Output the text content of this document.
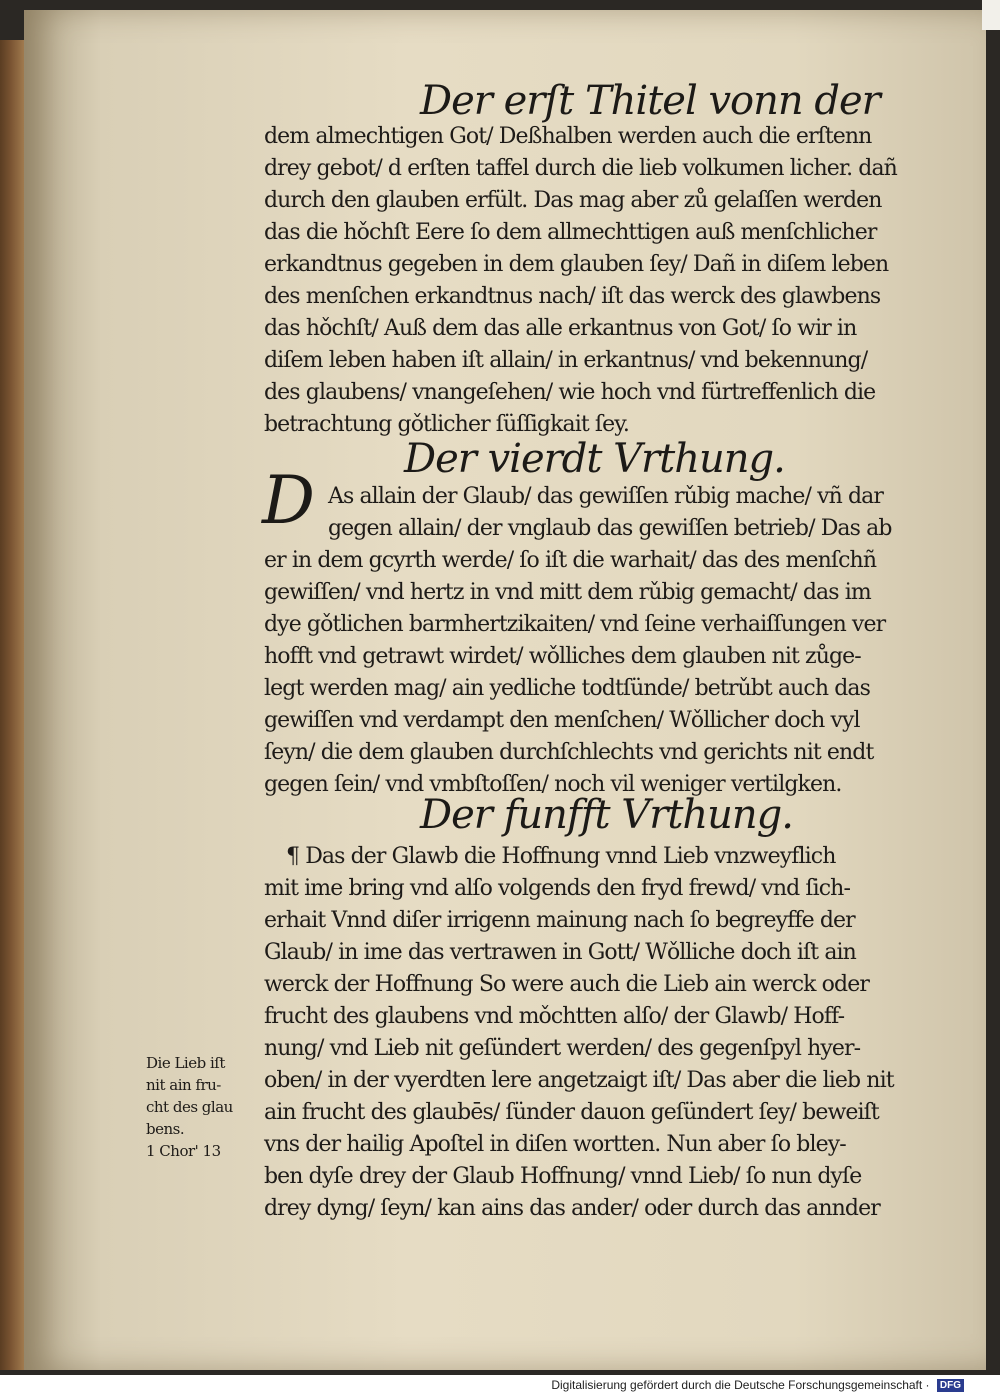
Der erſt Thitel vonn der
dem almechtigen Got/ Deßhalben werden auch die erſtenn
drey gebot/ d erſten taffel durch die lieb volkumen licher. dañ
durch den glauben erfült. Das mag aber zů gelaſſen werden
das die hǒchſt Eere ſo dem allmechttigen auß menſchlicher
erkandtnus gegeben in dem glauben ſey/ Dañ in diſem leben
des menſchen erkandtnus nach/ iſt das werck des glawbens
das hǒchſt/ Auß dem das alle erkantnus von Got/ ſo wir in
diſem leben haben iſt allain/ in erkantnus/ vnd bekennung/
des glaubens/ vnangeſehen/ wie hoch vnd fürtreffenlich die
betrachtung gǒtlicher ſüſſigkait ſey.
Der vierdt Vrthung.
D As allain der Glaub/ das gewiſſen rǔbig mache/ vñ dar
gegen allain/ der vnglaub das gewiſſen betrieb/ Das ab
er in dem gcyrth werde/ ſo iſt die warhait/ das des menſchñ
gewiſſen/ vnd hertz in vnd mitt dem rǔbig gemacht/ das im
dye gǒtlichen barmhertzikaiten/ vnd ſeine verhaiſſungen ver
hofft vnd getrawt wirdet/ wǒlliches dem glauben nit zůge-
legt werden mag/ ain yedliche todtſünde/ betrǔbt auch das
gewiſſen vnd verdampt den menſchen/ Wǒllicher doch vyl
ſeyn/ die dem glauben durchſchlechts vnd gerichts nit endt
gegen ſein/ vnd vmbſtoſſen/ noch vil weniger vertilgken.
Der funfft Vrthung.
¶ Das der Glawb die Hoffnung vnnd Lieb vnzweyflich
mit ime bring vnd alſo volgends den fryd frewd/ vnd ſich-
erhait Vnnd diſer irrigenn mainung nach ſo begreyffe der
Glaub/ in ime das vertrawen in Gott/ Wǒlliche doch iſt ain
werck der Hoffnung So were auch die Lieb ain werck oder
frucht des glaubens vnd mǒchtten alſo/ der Glawb/ Hoff-
nung/ vnd Lieb nit geſündert werden/ des gegenſpyl hyer-
oben/ in der vyerdten lere angetzaigt iſt/ Das aber die lieb nit
ain frucht des glaubēs/ ſünder dauon geſündert ſey/ beweiſt
vns der hailig Apoſtel in diſen wortten. Nun aber ſo bley-
ben dyſe drey der Glaub Hoffnung/ vnnd Lieb/ ſo nun dyſe
drey dyng/ ſeyn/ kan ains das ander/ oder durch das annder
Die Lieb iſt
nit ain fru-
cht des glau
bens.
1 Chor' 13
Digitalisierung gefördert durch die Deutsche Forschungsgemeinschaft · DFG
